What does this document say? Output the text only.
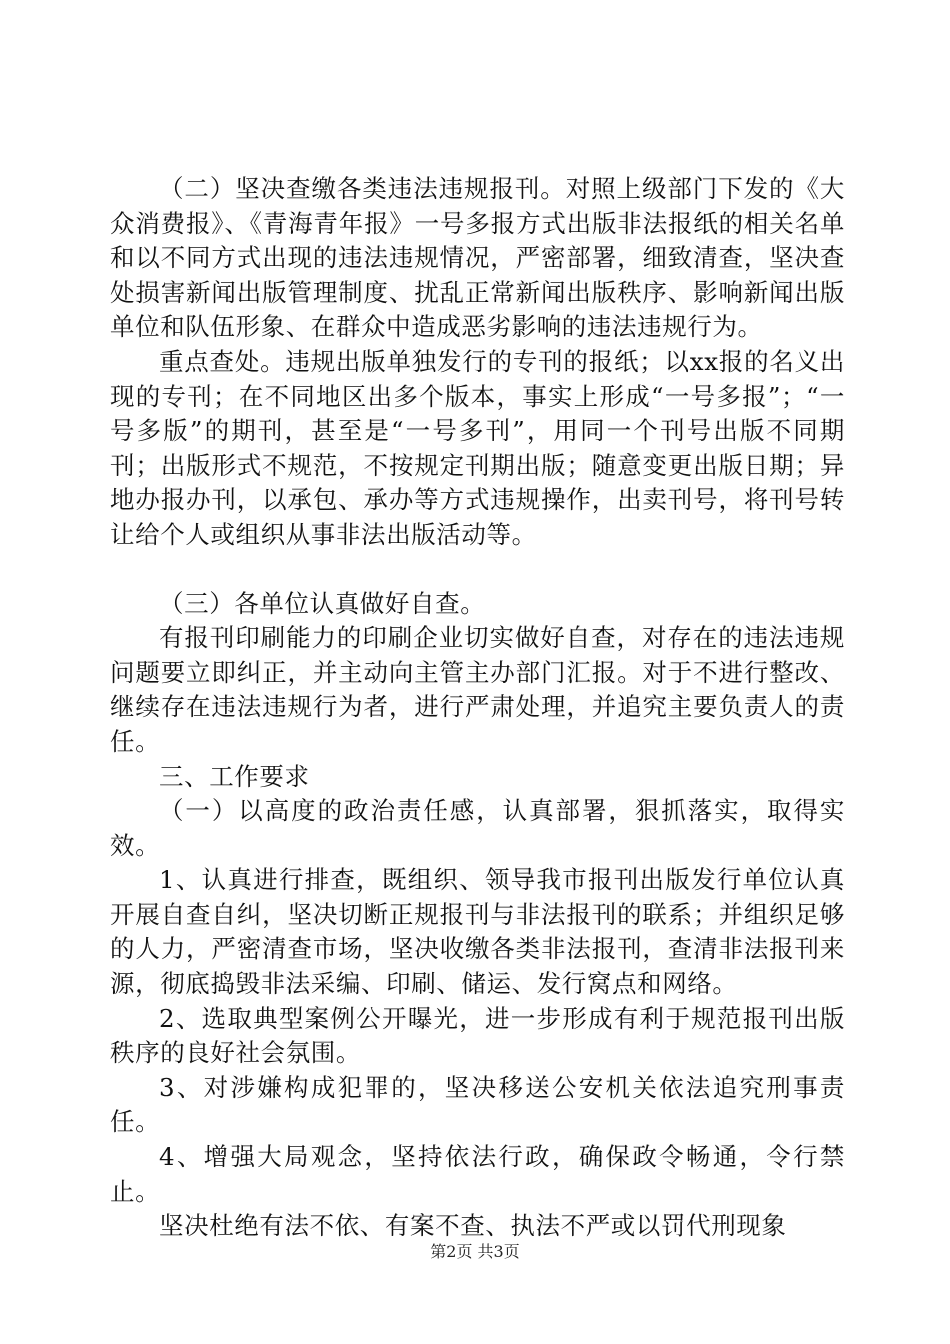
（二）坚决查缴各类违法违规报刊。对照上级部门下发的《大众消费报》、《青海青年报》一号多报方式出版非法报纸的相关名单和以不同方式出现的违法违规情况，严密部署，细致清查，坚决查处损害新闻出版管理制度、扰乱正常新闻出版秩序、影响新闻出版单位和队伍形象、在群众中造成恶劣影响的违法违规行为。

重点查处。违规出版单独发行的专刊的报纸；以xx报的名义出现的专刊；在不同地区出多个版本，事实上形成“一号多报”；“一号多版”的期刊，甚至是“一号多刊”，用同一个刊号出版不同期刊；出版形式不规范，不按规定刊期出版；随意变更出版日期；异地办报办刊，以承包、承办等方式违规操作，出卖刊号，将刊号转让给个人或组织从事非法出版活动等。

（三）各单位认真做好自查。

有报刊印刷能力的印刷企业切实做好自查，对存在的违法违规问题要立即纠正，并主动向主管主办部门汇报。对于不进行整改、继续存在违法违规行为者，进行严肃处理，并追究主要负责人的责任。

三、工作要求

（一）以高度的政治责任感，认真部署，狠抓落实，取得实效。

1、认真进行排查，既组织、领导我市报刊出版发行单位认真开展自查自纠，坚决切断正规报刊与非法报刊的联系；并组织足够的人力，严密清查市场，坚决收缴各类非法报刊，查清非法报刊来源，彻底捣毁非法采编、印刷、储运、发行窝点和网络。

2、选取典型案例公开曝光，进一步形成有利于规范报刊出版秩序的良好社会氛围。

3、对涉嫌构成犯罪的，坚决移送公安机关依法追究刑事责任。

4、增强大局观念，坚持依法行政，确保政令畅通，令行禁止。

坚决杜绝有法不依、有案不查、执法不严或以罚代刑现象

第2页 共3页
